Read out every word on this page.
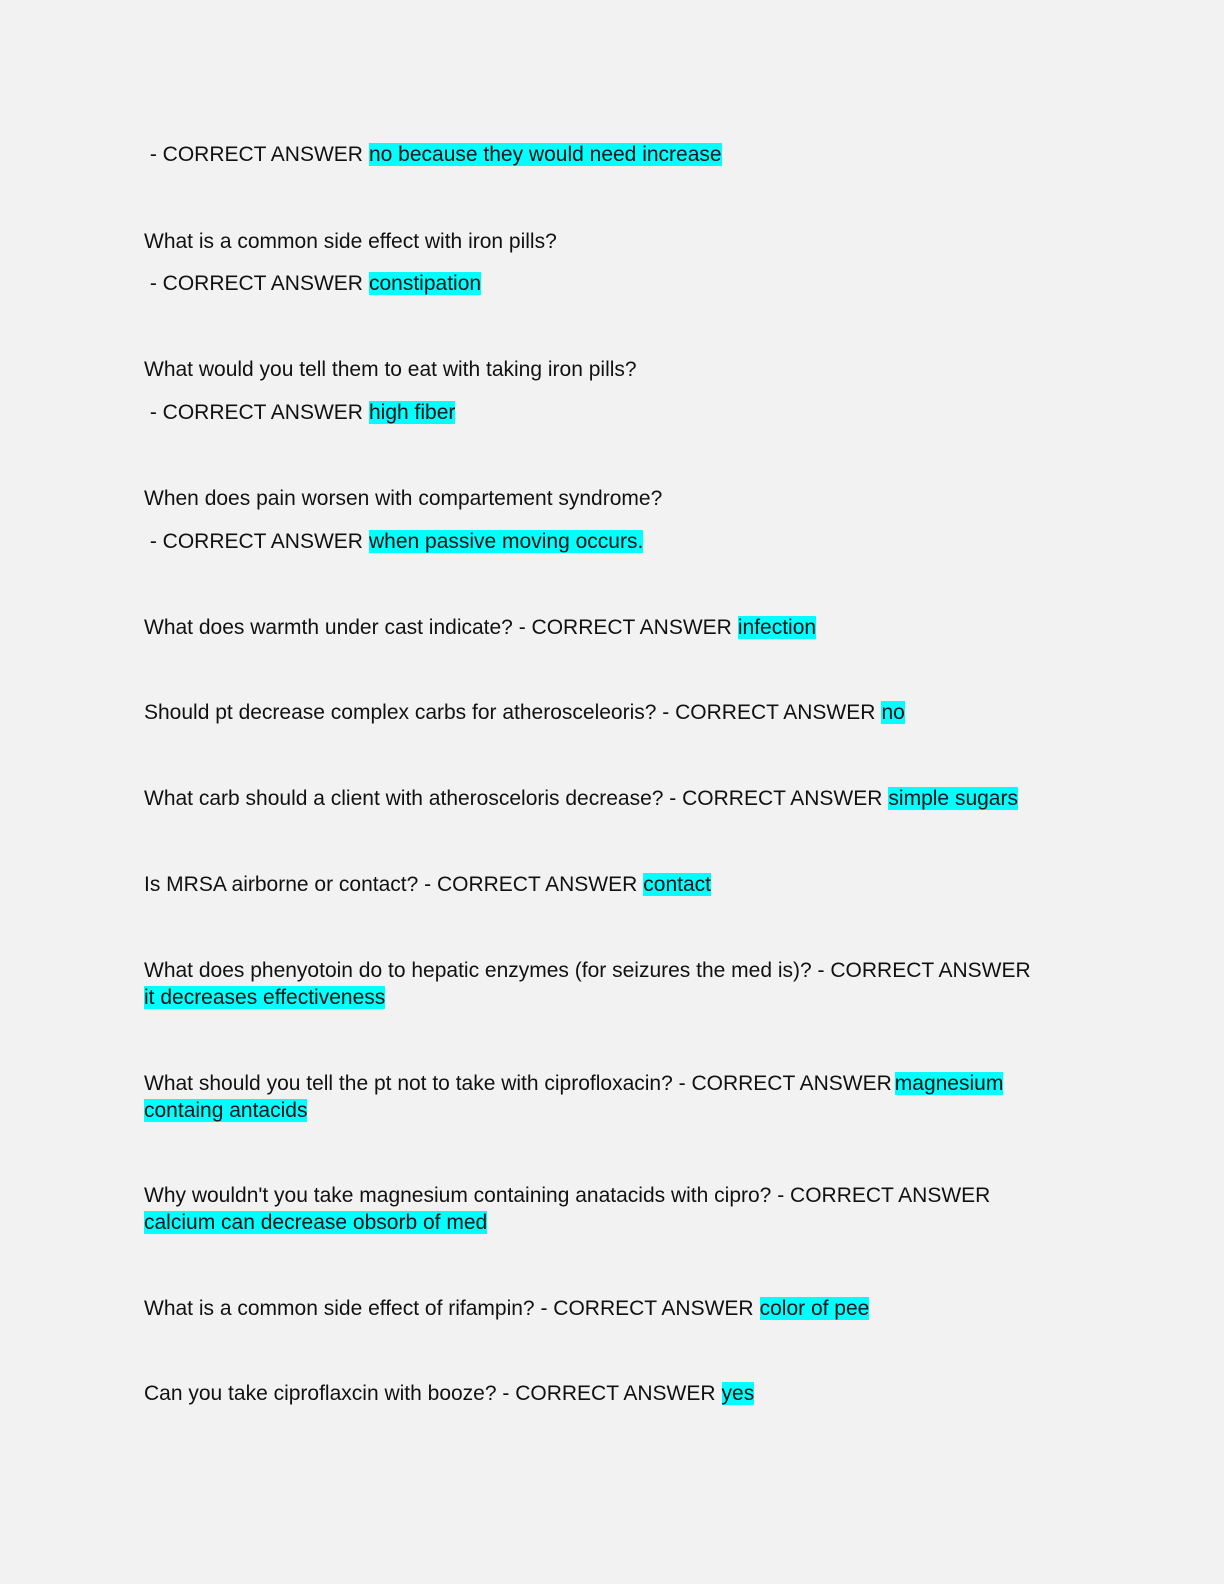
- CORRECT ANSWER no because they would need increase

What is a common side effect with iron pills?

- CORRECT ANSWER constipation

What would you tell them to eat with taking iron pills?

- CORRECT ANSWER high fiber

When does pain worsen with compartement syndrome?

- CORRECT ANSWER when passive moving occurs.

What does warmth under cast indicate? - CORRECT ANSWER infection

Should pt decrease complex carbs for atherosceleoris? - CORRECT ANSWER no

What carb should a client with atherosceloris decrease? - CORRECT ANSWER simple sugars

Is MRSA airborne or contact? - CORRECT ANSWER contact

What does phenyotoin do to hepatic enzymes (for seizures the med is)? - CORRECT ANSWER

it decreases effectiveness

What should you tell the pt not to take with ciprofloxacin? - CORRECT ANSWER magnesium

containg antacids

Why wouldn't you take magnesium containing anatacids with cipro? - CORRECT ANSWER

calcium can decrease obsorb of med

What is a common side effect of rifampin? - CORRECT ANSWER color of pee

Can you take ciproflaxcin with booze? - CORRECT ANSWER yes
